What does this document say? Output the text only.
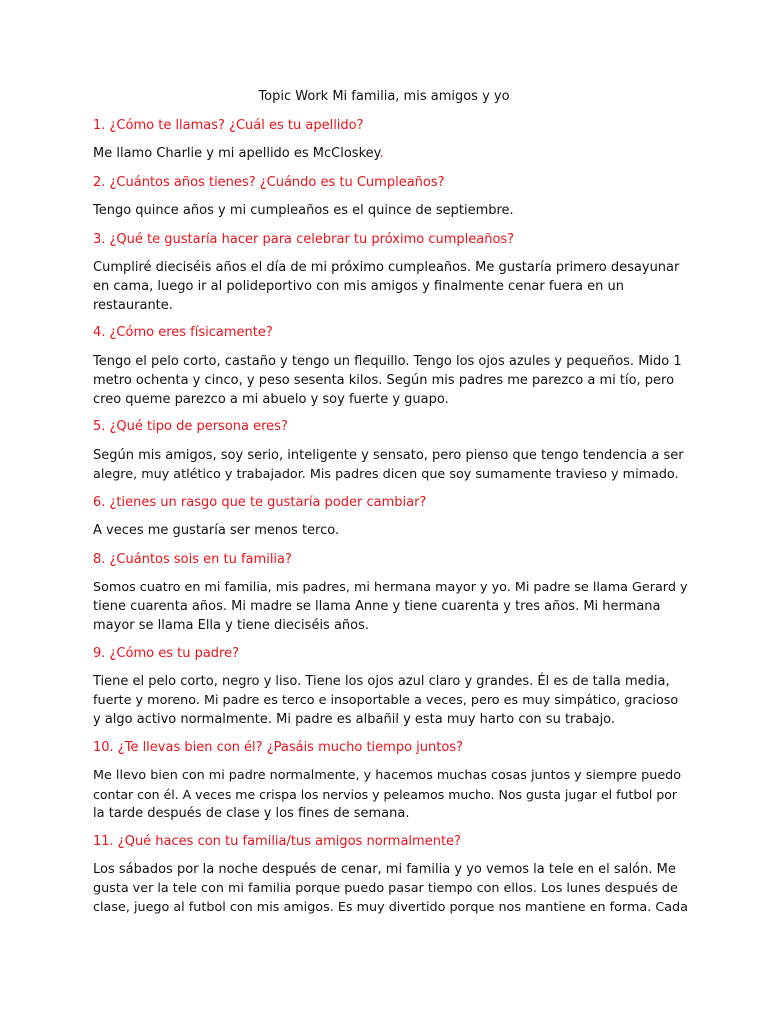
Topic Work Mi familia, mis amigos y yo
1. ¿Cómo te llamas? ¿Cuál es tu apellido?
Me llamo Charlie y mi apellido es McCloskey.
2. ¿Cuántos años tienes? ¿Cuándo es tu Cumpleaños?
Tengo quince años y mi cumpleaños es el quince de septiembre.
3. ¿Qué te gustaría hacer para celebrar tu próximo cumpleaños?
Cumpliré dieciséis años el día de mi próximo cumpleaños. Me gustaría primero desayunar
en cama, luego ir al polideportivo con mis amigos y finalmente cenar fuera en un
restaurante.
4. ¿Cómo eres físicamente?
Tengo el pelo corto, castaño y tengo un flequillo. Tengo los ojos azules y pequeños. Mido 1
metro ochenta y cinco, y peso sesenta kilos. Según mis padres me parezco a mi tío, pero
creo queme parezco a mi abuelo y soy fuerte y guapo.
5. ¿Qué tipo de persona eres?
Según mis amigos, soy serio, inteligente y sensato, pero pienso que tengo tendencia a ser
alegre, muy atlético y trabajador. Mis padres dicen que soy sumamente travieso y mimado.
6. ¿tienes un rasgo que te gustaría poder cambiar?
A veces me gustaría ser menos terco.
8. ¿Cuántos sois en tu familia?
Somos cuatro en mi familia, mis padres, mi hermana mayor y yo. Mi padre se llama Gerard y
tiene cuarenta años. Mi madre se llama Anne y tiene cuarenta y tres años. Mi hermana
mayor se llama Ella y tiene dieciséis años.
9. ¿Cómo es tu padre?
Tiene el pelo corto, negro y liso. Tiene los ojos azul claro y grandes. Él es de talla media,
fuerte y moreno. Mi padre es terco e insoportable a veces, pero es muy simpático, gracioso
y algo activo normalmente. Mi padre es albañil y esta muy harto con su trabajo.
10. ¿Te llevas bien con él? ¿Pasáis mucho tiempo juntos?
Me llevo bien con mi padre normalmente, y hacemos muchas cosas juntos y siempre puedo
contar con él. A veces me crispa los nervios y peleamos mucho. Nos gusta jugar el futbol por
la tarde después de clase y los fines de semana.
11. ¿Qué haces con tu familia/tus amigos normalmente?
Los sábados por la noche después de cenar, mi familia y yo vemos la tele en el salón. Me
gusta ver la tele con mi familia porque puedo pasar tiempo con ellos. Los lunes después de
clase, juego al futbol con mis amigos. Es muy divertido porque nos mantiene en forma. Cada
